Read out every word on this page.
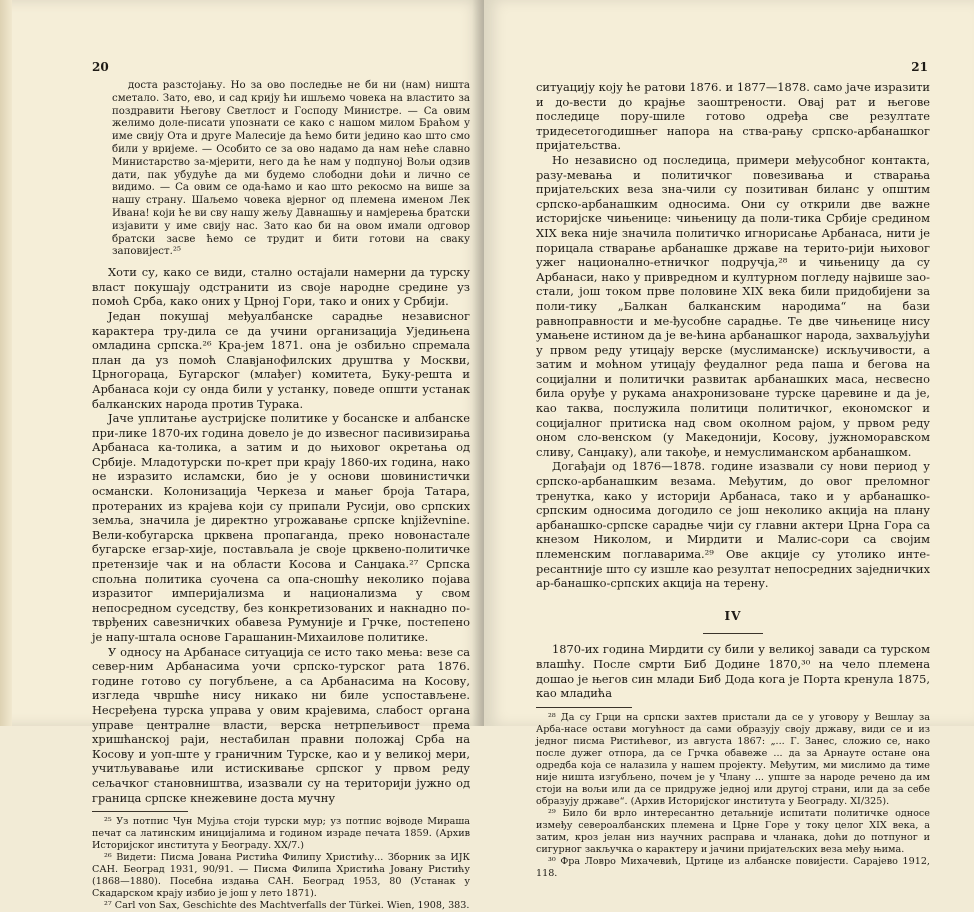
20

доста разстојању. Но за ово последње не би ни (нам) ништа сметало. Зато, ево, и сад крију ћи ишљемо човека на властито за поздравити Његову Светлост и Господу Министре. — Са овим желимо доле-писати упознати се како с нашом милом Браћом у име свију Ота и друге Малесије да ћемо бити једино као што смо били у вријеме. — Особито се за ово надамо да нам неће славно Министарство за-мјерити, него да ће нам у подпуној Вољи одзив дати, пак убудуће да ми будемо слободни доћи и лично се видимо. — Са овим се ода-ћамо и као што рекосмо на више за нашу страну. Шаљемо човека вјерног од племена именом Лек Ивана! који ће ви сву нашу жељу Давнашњу и намјерења братски изјавити у име свију нас. Зато као би на овом имали одговор братски засве ћемо се трудит и бити готови на сваку заповијест.²⁵

Хоти су, како се види, стално остајали намерни да турску власт покушају одстранити из своје народне средине уз помоћ Срба, како оних у Црној Гори, тако и оних у Србији.

Један покушај међуалбанске сарадње независног карактера тру-дила се да учини организација Уједињена омладина српска.²⁶ Кра-јем 1871. она је озбиљно спремала план да уз помоћ Славјанофилских друштва у Москви, Црногораца, Бугарског (млађег) комитета, Буку-решта и Арбанаса који су онда били у устанку, поведе општи устанак балканских народа против Турака.

Јаче уплитање аустријске политике у босанске и албанске при-лике 1870-их година довело је до извесног пасивизирања Арбанаса ка-толика, а затим и до њиховог окретања од Србије. Младотурски по-крет при крају 1860-их година, нако не изразито исламски, био је у основи шовинистички османски. Колонизација Черкеза и мањег броја Татара, протераних из крајева који су припали Русији, ово српских земља, значила је директно угрожавање српске književnine. Вели-кобугарска црквена пропаганда, преко новонастале бугарске егзар-хије, постављала је своје црквено-политичке претензије чак и на области Косова и Санџака.²⁷ Српска спољна политика суочена са опа-сношћу неколико појава изразитог империјализма и национализма у свом непосредном суседству, без конкретизованих и накнадно по-тврђених савезничких обавеза Румуније и Грчке, постепено је напу-штала основе Гарашанин-Михаилове политике.

У односу на Арбанасе ситуација се исто тако мења: везе са север-ним Арбанасима уочи српско-турског рата 1876. године готово су погубљене, а са Арбанасима на Косову, изгледа чвршће нису никако ни биле успостављене. Несређена турска управа у овим крајевима, слабост органа управе централне власти, верска нетрпељивост према хришћанској раји, нестабилан правни положај Срба на Косову и уоп-ште у граничним Турске, као и у великој мери, учитљувавање или истискивање српског у првом реду сељачког становништва, изазвали су на територији јужно од граница српске кнежевине доста мучну

²⁵ Уз потпис Чун Мујља стоји турски мур; уз потпис војводе Мираша печат са латинским иницијалима и годином израде печата 1859. (Архив Историјског института у Београду. XX/7.)

²⁶ Видети: Писма Јована Ристића Филипу Христићу... Зборник за ИЈК САН. Београд 1931, 90/91. — Писма Филипа Христића Јовану Ристићу (1868—1880). Посебна издања САН. Београд 1953, 80 (Устанак у Скадарском крају избио је још у лето 1871).

²⁷ Carl von Sax, Geschichte des Machtverfalls der Türkei. Wien, 1908, 383.

21

ситуацију коју ће ратови 1876. и 1877—1878. само јаче изразити и до-вести до крајње заоштрености. Овај рат и његове последице пору-шиле готово одређа све резултате тридесетогодишњег напора на ства-рању српско-арбанашког пријатељства.

Но независно од последица, примери међусобног контакта, разу-мевања и политичког повезивања и стварања пријатељских веза зна-чили су позитиван биланс у општим српско-арбанашким односима. Они су открили две важне историјске чињенице: чињеницу да поли-тика Србије средином XIX века није значила политичко игнорисање Арбанаса, нити је порицала стварање арбанашке државе на терито-рији њиховог ужег национално-етничког подручја,²⁸ и чињеницу да су Арбанаси, нако у привредном и културном погледу највише зао-стали, још током прве половине XIX века били придобијени за поли-тику „Балкан балканским народима“ на бази равноправности и ме-ђусобне сарадње. Те две чињенице нису умањене истином да је ве-ћина арбанашког народа, захваљујући у првом реду утицају верске (муслиманске) искључивости, а затим и моћном утицају феудалног реда паша и бегова на социјални и политички развитак арбанашких маса, несвесно била оруђе у рукама анахронизоване турске царевине и да је, као таква, послужила политици политичког, економског и социјалног притиска над свом околном рајом, у првом реду оном сло-венском (у Македонији, Косову, јужноморавском сливу, Санџаку), али такође, и немуслиманском арбанашком.

Догађаји од 1876—1878. године изазвали су нови период у српско-арбанашким везама. Међутим, до овог преломног тренутка, како у историји Арбанаса, тако и у арбанашко-српским односима догодило се још неколико акција на плану арбанашко-српске сарадње чији су главни актери Црна Гора са кнезом Николом, и Мирдити и Малис-сори са својим племенским поглаварима.²⁹ Ове акције су утолико инте-ресантније што су изшле као резултат непосредних заједничких ар-банашко-српских акција на терену.

IV

1870-их година Мирдити су били у великој завади са турском влашћу. После смрти Биб Додине 1870,³⁰ на чело племена дошао је његов син млади Биб Дода кога је Порта кренула 1875, као младића

²⁸ Да су Грци на српски захтев пристали да се у уговору у Вешлау за Арба-насе остави могућност да сами образују своју државу, види се и из једног писма Ристићевог, из августа 1867: „... Г. Занес, сложио се, нако после дужег отпора, да се Грчка обавеже ... да за Арнауте остане она одредба која се налазила у нашем пројекту. Међутим, ми мислимо да тиме није ништа изгубљено, почем је у Члану ... упште за народе речено да им стоји на вољи или да се придружe једној или другој страни, или да за себе образују државе“. (Архив Историјског института у Београду. XI/325).

²⁹ Било би врло интересантно детаљније испитати политичке односе између североалбанских племена и Црне Горе у току целог XIX века, а затим, кроз јелан низ научних расправа и чланака, доћи до потпуног и сигурног закључка о карактеру и јачини пријатељских веза међу њима.

³⁰ Фра Ловро Михачевић, Цртице из албанске повијести. Сарајево 1912, 118.
